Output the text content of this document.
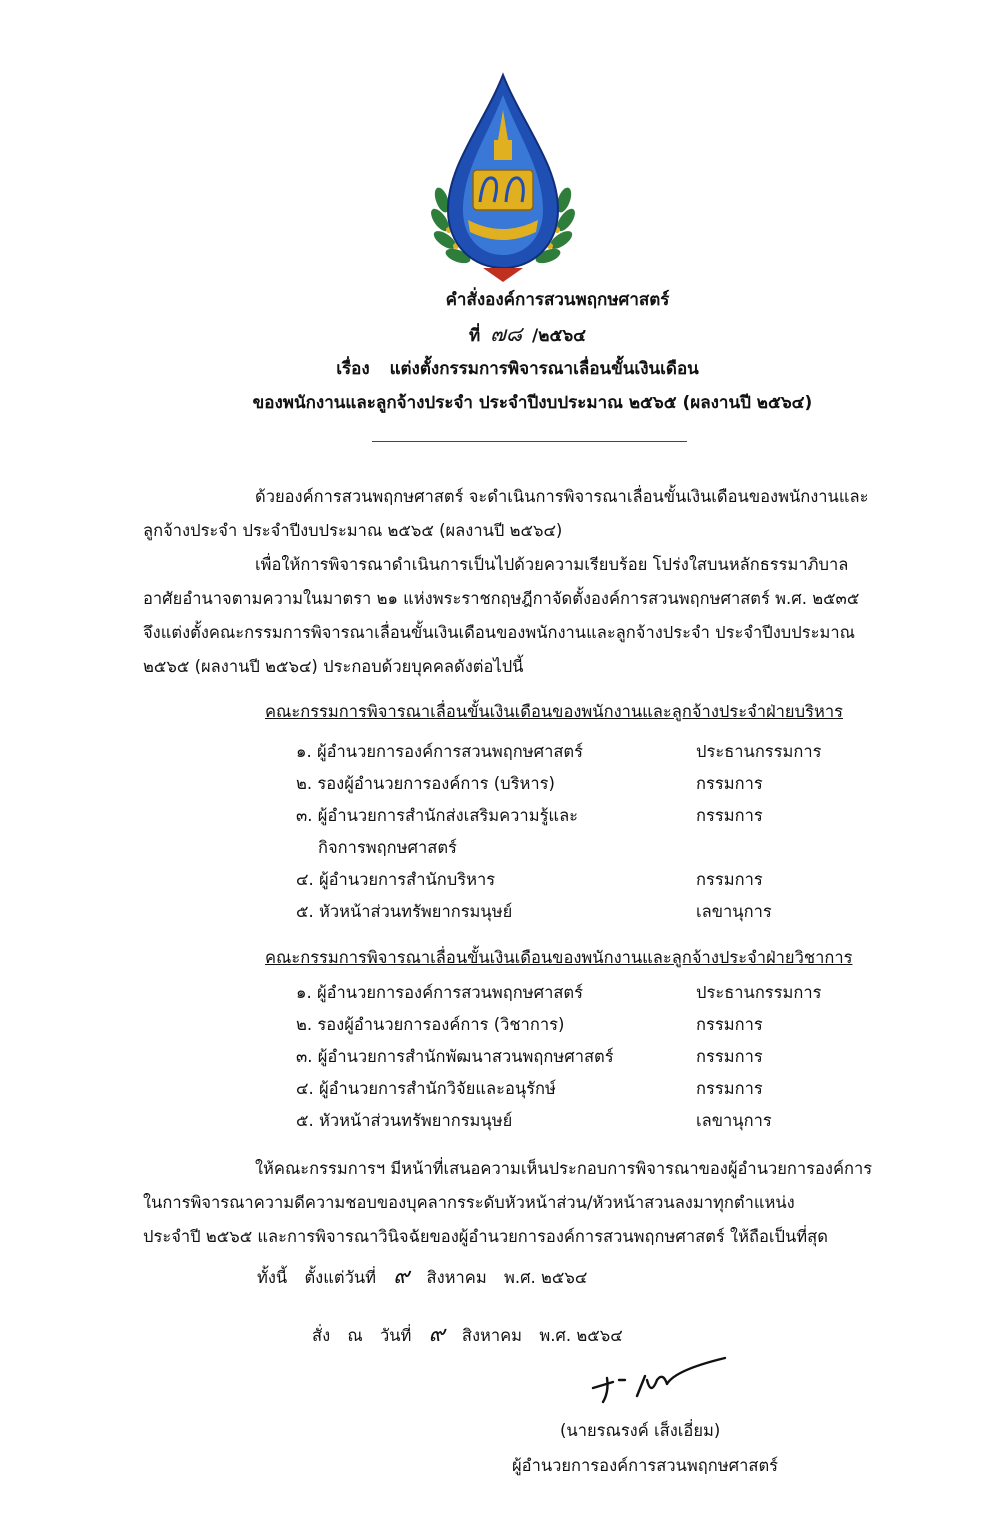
คำสั่งองค์การสวนพฤกษศาสตร์
ที่ ๗๘ /๒๕๖๔
เรื่อง แต่งตั้งกรรมการพิจารณาเลื่อนขั้นเงินเดือน
ของพนักงานและลูกจ้างประจำ ประจำปีงบประมาณ ๒๕๖๕ (ผลงานปี ๒๕๖๔)
ด้วยองค์การสวนพฤกษศาสตร์ จะดำเนินการพิจารณาเลื่อนขั้นเงินเดือนของพนักงานและ
ลูกจ้างประจำ ประจำปีงบประมาณ ๒๕๖๕ (ผลงานปี ๒๕๖๔)
เพื่อให้การพิจารณาดำเนินการเป็นไปด้วยความเรียบร้อย โปร่งใสบนหลักธรรมาภิบาล
อาศัยอำนาจตามความในมาตรา ๒๑ แห่งพระราชกฤษฎีกาจัดตั้งองค์การสวนพฤกษศาสตร์ พ.ศ. ๒๕๓๕
จึงแต่งตั้งคณะกรรมการพิจารณาเลื่อนขั้นเงินเดือนของพนักงานและลูกจ้างประจำ ประจำปีงบประมาณ
๒๕๖๕ (ผลงานปี ๒๕๖๔) ประกอบด้วยบุคคลดังต่อไปนี้
คณะกรรมการพิจารณาเลื่อนขั้นเงินเดือนของพนักงานและลูกจ้างประจำฝ่ายบริหาร
๑. ผู้อำนวยการองค์การสวนพฤกษศาสตร์	ประธานกรรมการ
๒. รองผู้อำนวยการองค์การ (บริหาร)	กรรมการ
๓. ผู้อำนวยการสำนักส่งเสริมความรู้และ
กิจการพฤกษศาสตร์
กรรมการ
๔. ผู้อำนวยการสำนักบริหาร	กรรมการ
๕. หัวหน้าส่วนทรัพยากรมนุษย์	เลขานุการ
คณะกรรมการพิจารณาเลื่อนขั้นเงินเดือนของพนักงานและลูกจ้างประจำฝ่ายวิชาการ
๑. ผู้อำนวยการองค์การสวนพฤกษศาสตร์	ประธานกรรมการ
๒. รองผู้อำนวยการองค์การ (วิชาการ)	กรรมการ
๓. ผู้อำนวยการสำนักพัฒนาสวนพฤกษศาสตร์	กรรมการ
๔. ผู้อำนวยการสำนักวิจัยและอนุรักษ์	กรรมการ
๕. หัวหน้าส่วนทรัพยากรมนุษย์	เลขานุการ
ให้คณะกรรมการฯ มีหน้าที่เสนอความเห็นประกอบการพิจารณาของผู้อำนวยการองค์การ
ในการพิจารณาความดีความชอบของบุคลากรระดับหัวหน้าส่วน/หัวหน้าสวนลงมาทุกตำแหน่ง
ประจำปี ๒๕๖๕ และการพิจารณาวินิจฉัยของผู้อำนวยการองค์การสวนพฤกษศาสตร์ ให้ถือเป็นที่สุด
ทั้งนี้ ตั้งแต่วันที่ ๙ สิงหาคม พ.ศ. ๒๕๖๔
สั่ง ณ วันที่ ๙ สิงหาคม พ.ศ. ๒๕๖๔
(นายรณรงค์ เส็งเอี่ยม)
ผู้อำนวยการองค์การสวนพฤกษศาสตร์
